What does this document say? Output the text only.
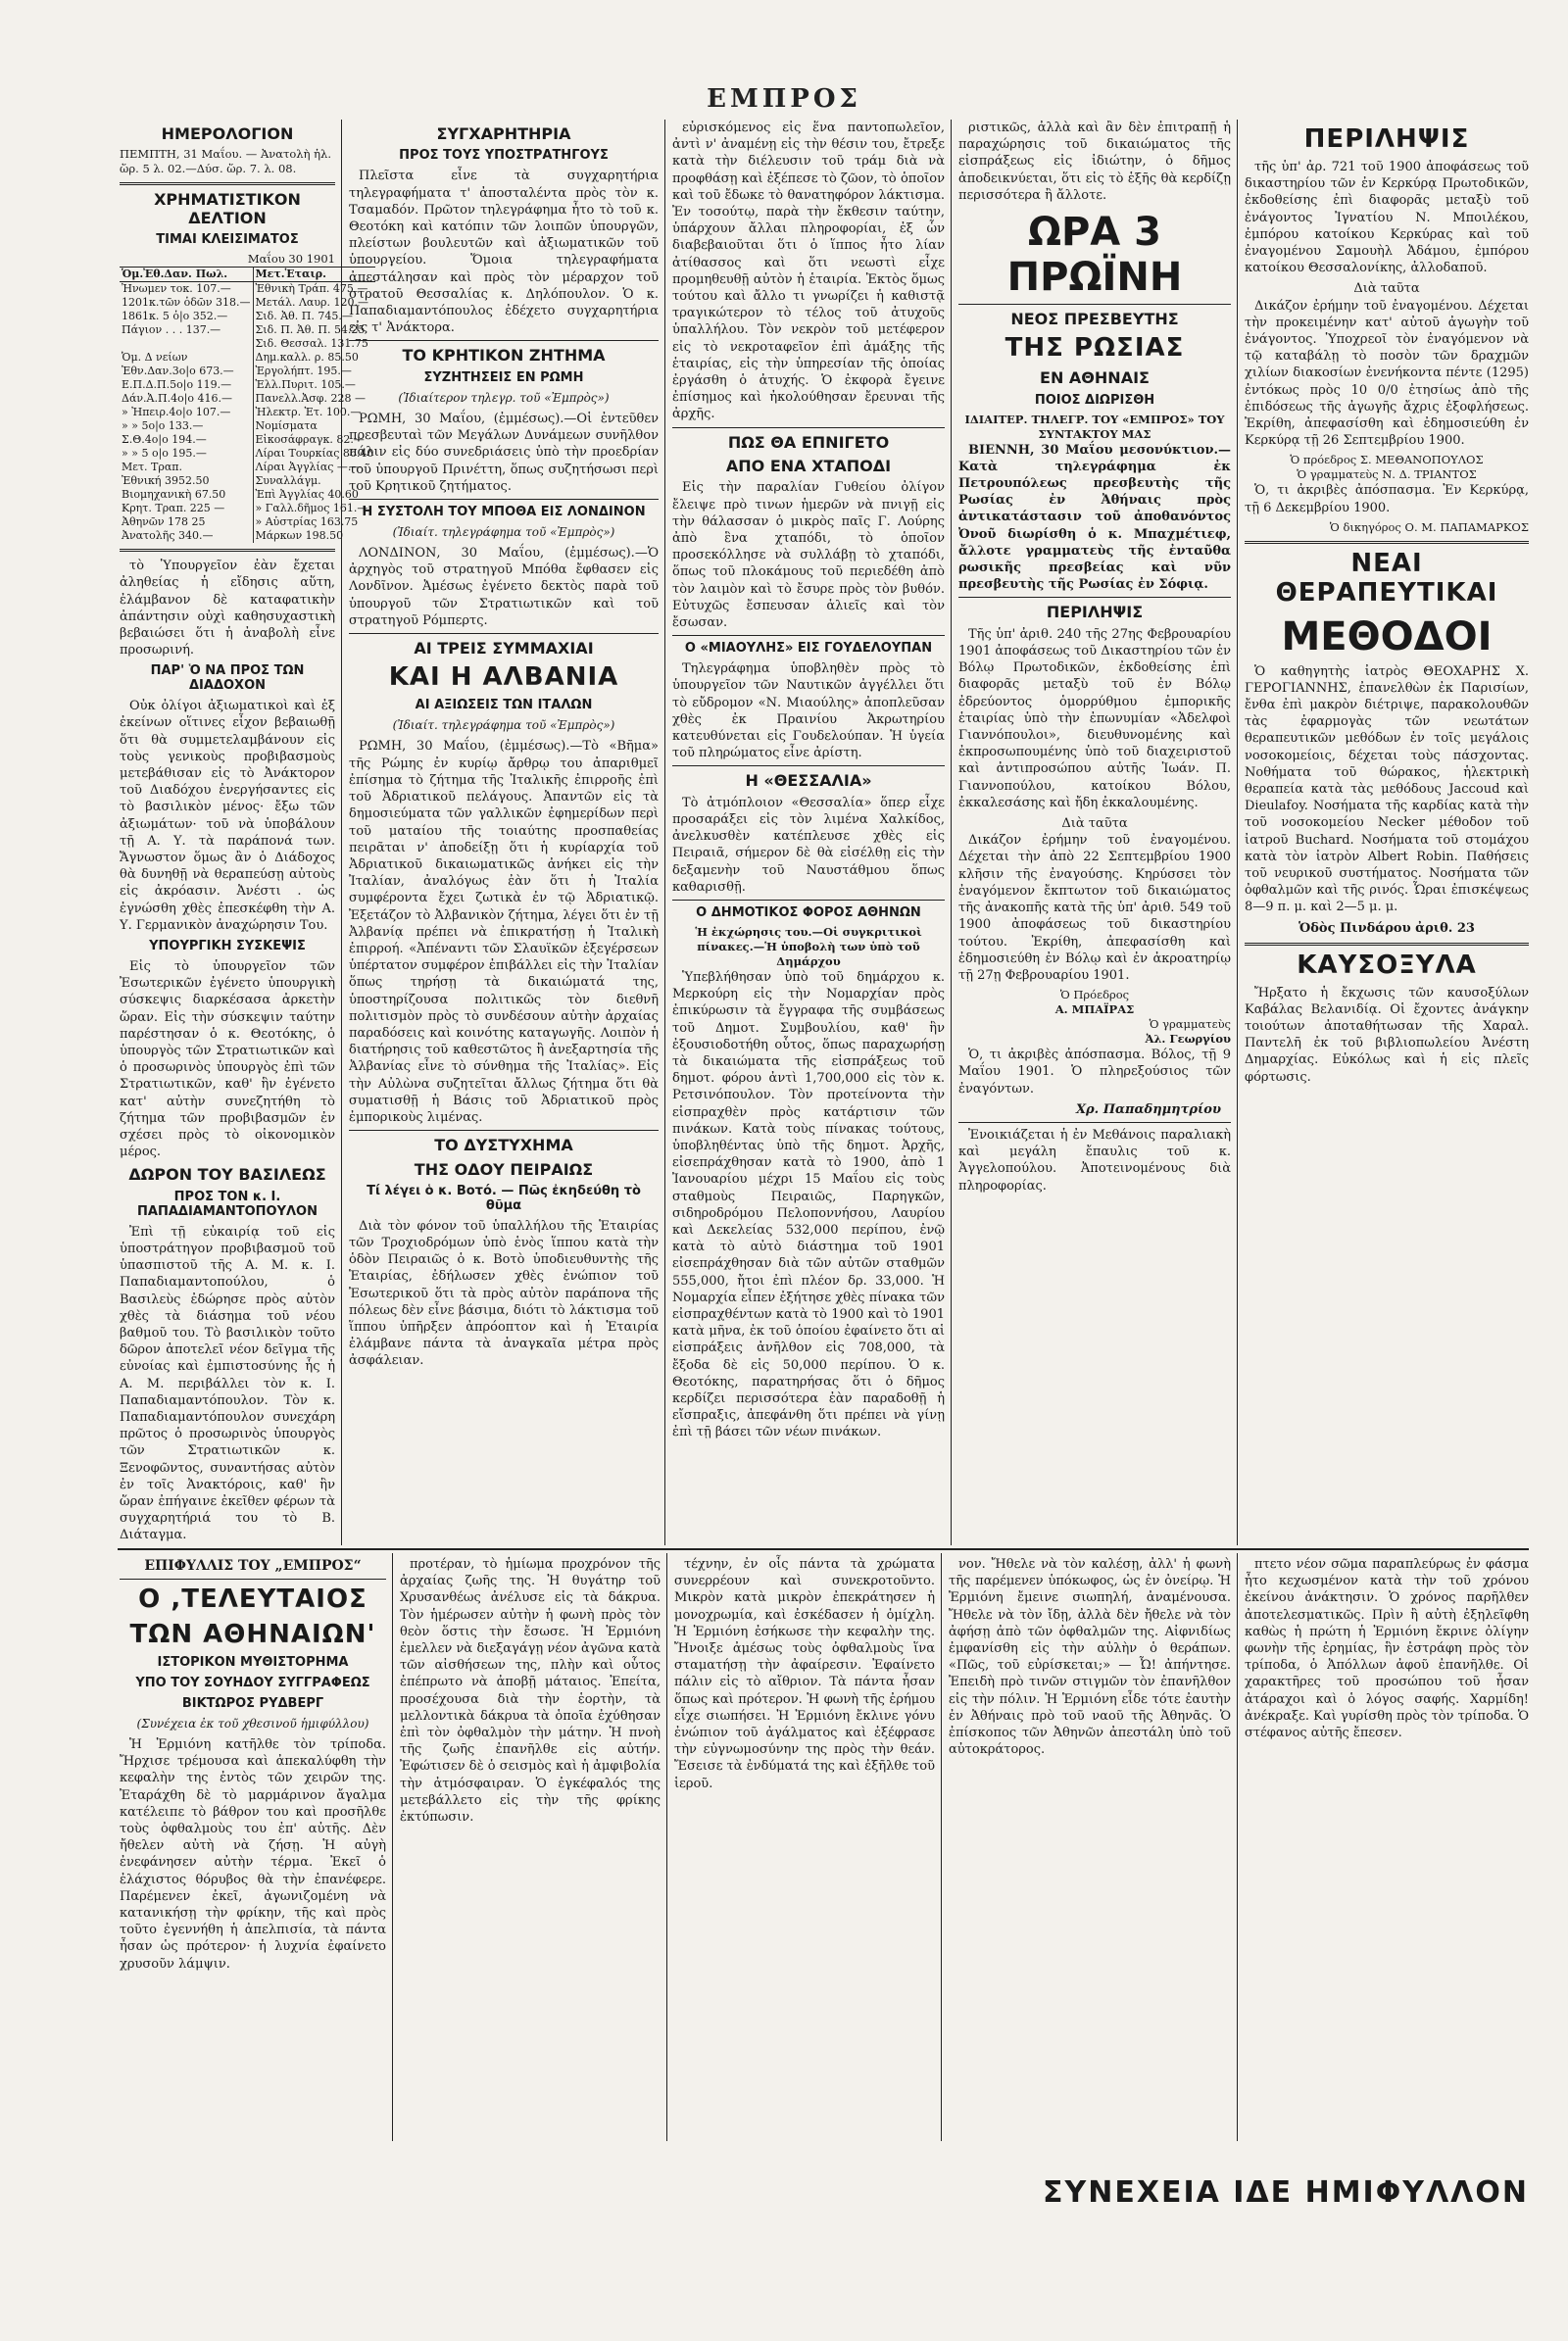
ΕΜΠΡΟΣ
ΗΜΕΡΟΛΟΓΙΟΝ
ΠΕΜΠΤΗ, 31 Μαΐου. — Ἀνατολὴ ἡλ.
ὥρ. 5 λ. 02.—Δύσ. ὥρ. 7. λ. 08.
ΧΡΗΜΑΤΙΣΤΙΚΟΝ ΔΕΛΤΙΟΝ
ΤΙΜΑΙ ΚΛΕΙΣΙΜΑΤΟΣ
Μαΐου 30 1901
Ὁμ.Ἐθ.Δαν. Πωλ.	Μετ.Ἑταιρ.
Ἠνωμεν τοκ. 107.—	Ἐθνικὴ Τράπ. 475 —
1201κ.τῶν ὁδῶν 318.—	Μετάλ. Λαυρ. 120.—
1861κ. 5 ὁ|ο 352.—	Σιδ. Ἀθ. Π. 745.—
Πάγιον . . . 137.—	Σιδ. Π. Ἀθ. Π. 54.25
	Σιδ. Θεσσαλ. 131.75
Ὁμ. Δ νείων	Δημ.καλλ. ρ. 85.50
Ἐθν.Δαν.3ο|ο 673.—	Ἐργολήπτ. 195.—
Ε.Π.Δ.Π.5ο|ο 119.—	Ἑλλ.Πυριτ. 105.—
Δάν.Ἀ.Π.4ο|ο 416.—	Πανελλ.Ἀσφ. 228 —
» Ἠπειρ.4ο|ο 107.—	Ἠλεκτρ. Ἑτ. 100.—
» » 5ο|ο 133.—	Νομίσματα
Σ.Θ.4ο|ο 194.—	Εἰκοσάφραγκ. 82.—
» » 5 ο|ο 195.—	Λίραι Τουρκίας 86.40
Μετ. Τραπ.	Λίραι Ἀγγλίας —.—
Ἐθνική 3952.50	Συναλλάγμ.
Βιομηχανικὴ 67.50	Ἐπὶ Ἀγγλίας 40.60
Κρητ. Τραπ. 225 —	» Γαλλ.δῆμος 161.—
Ἀθηνῶν 178 25	» Αὐστρίας 163.75
Ἀνατολῆς 340.—	Μάρκων 198.50

τὸ Ὑπουργεῖον ἐὰν ἔχεται ἀληθείας ἡ εἴδησις αὕτη, ἐλάμβανον δὲ καταφατικὴν ἀπάντησιν οὐχὶ καθησυχαστικὴ βεβαιώσει ὅτι ἡ ἀναβολὴ εἶνε προσωρινή.

ΠΑΡ' Ὁ ΝΑ ΠΡΟΣ ΤΩΝ ΔΙΑΔΟΧΟΝ

Οὐκ ὀλίγοι ἀξιωματικοὶ καὶ ἐξ ἐκείνων οἵτινες εἶχον βεβαιωθῇ ὅτι θὰ συμμετελαμβάνουν εἰς τοὺς γενικοὺς προβιβασμοὺς μετεβάθισαν εἰς τὸ Ἀνάκτορον τοῦ Διαδόχου ἐνεργήσαντες εἰς τὸ βασιλικὸν μένος· ἔξω τῶν ἀξιωμάτων· τοῦ νὰ ὑποβάλουν τῇ Α. Υ. τὰ παράπονά των. Ἄγνωστον ὅμως ἂν ὁ Διάδοχος θὰ δυνηθῇ νὰ θεραπεύσῃ αὐτοὺς εἰς ἀκρόασιν. Ἀνέστι . ὡς ἐγνώσθη χθὲς ἐπεσκέφθη τὴν Α. Υ. Γερμανικὸν ἀναχώρησιν Του.

ΥΠΟΥΡΓΙΚΗ ΣΥΣΚΕΨΙΣ

Εἰς τὸ ὑπουργεῖον τῶν Ἐσωτερικῶν ἐγένετο ὑπουργικὴ σύσκεψις διαρκέσασα ἀρκετὴν ὥραν. Εἰς τὴν σύσκεψιν ταύτην παρέστησαν ὁ κ. Θεοτόκης, ὁ ὑπουργὸς τῶν Στρατιωτικῶν καὶ ὁ προσωρινὸς ὑπουργὸς ἐπὶ τῶν Στρατιωτικῶν, καθ' ἣν ἐγένετο κατ' αὐτὴν συνεζητήθη τὸ ζήτημα τῶν προβιβασμῶν ἐν σχέσει πρὸς τὸ οἰκονομικὸν μέρος.

ΔΩΡΟΝ ΤΟΥ ΒΑΣΙΛΕΩΣ
ΠΡΟΣ ΤΟΝ κ. Ι. ΠΑΠΑΔΙΑΜΑΝΤΟΠΟΥΛΟΝ

Ἐπὶ τῇ εὐκαιρίᾳ τοῦ εἰς ὑποστράτηγον προβιβασμοῦ τοῦ ὑπασπιστοῦ τῆς Α. Μ. κ. Ι. Παπαδιαμαντοπούλου, ὁ Βασιλεὺς ἐδώρησε πρὸς αὐτὸν χθὲς τὰ διάσημα τοῦ νέου βαθμοῦ του. Τὸ βασιλικὸν τοῦτο δῶρον ἀποτελεῖ νέον δεῖγμα τῆς εὐνοίας καὶ ἐμπιστοσύνης ἧς ἡ Α. Μ. περιβάλλει τὸν κ. Ι. Παπαδιαμαντόπουλον. Τὸν κ. Παπαδιαμαντόπουλον συνεχάρη πρῶτος ὁ προσωρινὸς ὑπουργὸς τῶν Στρατιωτικῶν κ. Ξενοφῶντος, συναντήσας αὐτὸν ἐν τοῖς Ἀνακτόροις, καθ' ἣν ὥραν ἐπήγαινε ἐκεῖθεν φέρων τὰ συγχαρητήριά του τὸ Β. Διάταγμα.

ΣΥΓΧΑΡΗΤΗΡΙΑ
ΠΡΟΣ ΤΟΥΣ ΥΠΟΣΤΡΑΤΗΓΟΥΣ

Πλεῖστα εἶνε τὰ συγχαρητήρια τηλεγραφήματα τ' ἀποσταλέντα πρὸς τὸν κ. Τσαμαδόν. Πρῶτον τηλεγράφημα ἦτο τὸ τοῦ κ. Θεοτόκη καὶ κατόπιν τῶν λοιπῶν ὑπουργῶν, πλείστων βουλευτῶν καὶ ἀξιωματικῶν τοῦ ὑπουργείου. Ὅμοια τηλεγραφήματα ἀπεστάλησαν καὶ πρὸς τὸν μέραρχον τοῦ στρατοῦ Θεσσαλίας κ. Δηλόπουλον. Ὁ κ. Παπαδιαμαντόπουλος ἐδέχετο συγχαρητήρια εἰς τ' Ἀνάκτορα.

ΤΟ ΚΡΗΤΙΚΟΝ ΖΗΤΗΜΑ
ΣΥΖΗΤΗΣΕΙΣ ΕΝ ΡΩΜΗ
(Ἰδιαίτερον τηλεγρ. τοῦ «Ἐμπρὸς»)

ΡΩΜΗ, 30 Μαΐου, (ἐμμέσως).—Οἱ ἐντεῦθεν πρεσβευταὶ τῶν Μεγάλων Δυνάμεων συνῆλθον πάλιν εἰς δύο συνεδριάσεις ὑπὸ τὴν προεδρίαν τοῦ ὑπουργοῦ Πρινέττη, ὅπως συζητήσωσι περὶ τοῦ Κρητικοῦ ζητήματος.

Η ΣΥΣΤΟΛΗ ΤΟΥ ΜΠΟΘΑ ΕΙΣ ΛΟΝΔΙΝΟΝ
(Ἰδιαίτ. τηλεγράφημα τοῦ «Ἐμπρὸς»)

ΛΟΝΔΙΝΟΝ, 30 Μαΐου, (ἐμμέσως).—Ὁ ἀρχηγὸς τοῦ στρατηγοῦ Μπόθα ἔφθασεν εἰς Λονδῖνον. Ἀμέσως ἐγένετο δεκτὸς παρὰ τοῦ ὑπουργοῦ τῶν Στρατιωτικῶν καὶ τοῦ στρατηγοῦ Ρόμπερτς.

ΑΙ ΤΡΕΙΣ ΣΥΜΜΑΧΙΑΙ
ΚΑΙ Η ΑΛΒΑΝΙΑ
ΑΙ ΑΞΙΩΣΕΙΣ ΤΩΝ ΙΤΑΛΩΝ
(Ἰδιαίτ. τηλεγράφημα τοῦ «Ἐμπρὸς»)

ΡΩΜΗ, 30 Μαΐου, (ἐμμέσως).—Τὸ «Βῆμα» τῆς Ρώμης ἐν κυρίῳ ἄρθρῳ του ἀπαριθμεῖ ἐπίσημα τὸ ζήτημα τῆς Ἰταλικῆς ἐπιρροῆς ἐπὶ τοῦ Ἀδριατικοῦ πελάγους. Ἀπαντῶν εἰς τὰ δημοσιεύματα τῶν γαλλικῶν ἐφημερίδων περὶ τοῦ ματαίου τῆς τοιαύτης προσπαθείας πειρᾶται ν' ἀποδείξῃ ὅτι ἡ κυρίαρχία τοῦ Ἀδριατικοῦ δικαιωματικῶς ἀνήκει εἰς τὴν Ἰταλίαν, ἀναλόγως ἐὰν ὅτι ἡ Ἰταλία συμφέροντα ἔχει ζωτικὰ ἐν τῷ Ἀδριατικῷ. Ἐξετάζον τὸ Ἀλβανικὸν ζήτημα, λέγει ὅτι ἐν τῇ Ἀλβανίᾳ πρέπει νὰ ἐπικρατήσῃ ἡ Ἰταλικὴ ἐπιρροή. «Ἀπέναντι τῶν Σλαυϊκῶν ἐξεγέρσεων ὑπέρτατον συμφέρον ἐπιβάλλει εἰς τὴν Ἰταλίαν ὅπως τηρήσῃ τὰ δικαιώματά της, ὑποστηρίζουσα πολιτικῶς τὸν διεθνῆ πολιτισμὸν πρὸς τὸ συνδέσουν αὐτὴν ἀρχαίας παραδόσεις καὶ κοινότης καταγωγῆς. Λοιπὸν ἡ διατήρησις τοῦ καθεστῶτος ἢ ἀνεξαρτησία τῆς Ἀλβανίας εἶνε τὸ σύνθημα τῆς Ἰταλίας». Εἰς τὴν Αὐλὼνα συζητεῖται ἄλλως ζήτημα ὅτι θὰ συματισθῇ ἡ Βάσις τοῦ Ἀδριατικοῦ πρὸς ἐμπορικοὺς λιμένας.

ΤΟ ΔΥΣΤΥΧΗΜΑ
ΤΗΣ ΟΔΟΥ ΠΕΙΡΑΙΩΣ
Τί λέγει ὁ κ. Βοτό. — Πῶς ἐκηδεύθη τὸ θῦμα

Διὰ τὸν φόνον τοῦ ὑπαλλήλου τῆς Ἑταιρίας τῶν Τροχιοδρόμων ὑπὸ ἑνὸς ἵππου κατὰ τὴν ὁδὸν Πειραιῶς ὁ κ. Βοτὸ ὑποδιευθυντὴς τῆς Ἑταιρίας, ἐδήλωσεν χθὲς ἐνώπιον τοῦ Ἐσωτερικοῦ ὅτι τὰ πρὸς αὐτὸν παράπονα τῆς πόλεως δὲν εἶνε βάσιμα, διότι τὸ λάκτισμα τοῦ ἵππου ὑπῆρξεν ἀπρόοπτον καὶ ἡ Ἑταιρία ἐλάμβανε πάντα τὰ ἀναγκαῖα μέτρα πρὸς ἀσφάλειαν.

εὐρισκόμενος εἰς ἕνα παντοπωλεῖον, ἀντὶ ν' ἀναμένῃ εἰς τὴν θέσιν του, ἔτρεξε κατὰ τὴν διέλευσιν τοῦ τράμ διὰ νὰ προφθάσῃ καὶ ἐξέπεσε τὸ ζῶον, τὸ ὁποῖον καὶ τοῦ ἔδωκε τὸ θανατηφόρον λάκτισμα. Ἐν τοσούτῳ, παρὰ τὴν ἔκθεσιν ταύτην, ὑπάρχουν ἄλλαι πληροφορίαι, ἐξ ὧν διαβεβαιοῦται ὅτι ὁ ἵππος ἦτο λίαν ἀτίθασσος καὶ ὅτι νεωστὶ εἶχε προμηθευθῇ αὐτὸν ἡ ἑταιρία. Ἐκτὸς ὅμως τούτου καὶ ἄλλο τι γνωρίζει ἡ καθιστᾷ τραγικώτερον τὸ τέλος τοῦ ἀτυχοῦς ὑπαλλήλου. Τὸν νεκρὸν τοῦ μετέφερον εἰς τὸ νεκροταφεῖον ἐπὶ ἁμάξης τῆς ἑταιρίας, εἰς τὴν ὑπηρεσίαν τῆς ὁποίας ἐργάσθη ὁ ἀτυχής. Ὁ ἐκφορὰ ἔγεινε ἐπίσημος καὶ ἠκολούθησαν ἔρευναι τῆς ἀρχῆς.

ΠΩΣ ΘΑ ΕΠΝΙΓΕΤΟ
ΑΠΟ ΕΝΑ ΧΤΑΠΟΔΙ

Εἰς τὴν παραλίαν Γυθείου ὀλίγον ἔλειψε πρὸ τινων ἡμερῶν νὰ πνιγῇ εἰς τὴν θάλασσαν ὁ μικρὸς παῖς Γ. Λούρης ἀπὸ ἓνα χταπόδι, τὸ ὁποῖον προσεκόλλησε νὰ συλλάβῃ τὸ χταπόδι, ὅπως τοῦ πλοκάμους τοῦ περιεδέθη ἀπὸ τὸν λαιμὸν καὶ τὸ ἔσυρε πρὸς τὸν βυθόν. Εὐτυχῶς ἔσπευσαν ἁλιεῖς καὶ τὸν ἔσωσαν.

Ο «ΜΙΑΟΥΛΗΣ» ΕΙΣ ΓΟΥΔΕΛΟΥΠΑΝ

Τηλεγράφημα ὑποβληθὲν πρὸς τὸ ὑπουργεῖον τῶν Ναυτικῶν ἀγγέλλει ὅτι τὸ εὔδρομον «Ν. Μιαούλης» ἀποπλεῦσαν χθὲς ἐκ Πραινίου Ἀκρωτηρίου κατευθύνεται εἰς Γουδελούπαν. Ἡ ὑγεία τοῦ πληρώματος εἶνε ἀρίστη.

Η «ΘΕΣΣΑΛΙΑ»

Τὸ ἀτμόπλοιον «Θεσσαλία» ὅπερ εἶχε προσαράξει εἰς τὸν λιμένα Χαλκίδος, ἀνελκυσθὲν κατέπλευσε χθὲς εἰς Πειραιᾶ, σήμερον δὲ θὰ εἰσέλθῃ εἰς τὴν δεξαμενὴν τοῦ Ναυστάθμου ὅπως καθαρισθῇ.

Ο ΔΗΜΟΤΙΚΟΣ ΦΟΡΟΣ ΑΘΗΝΩΝ
Ἡ ἐκχώρησις του.—Οἱ συγκριτικοὶ πίνακες.—Ἡ ὑποβολὴ των ὑπὸ τοῦ Δημάρχου

Ὑπεβλήθησαν ὑπὸ τοῦ δημάρχου κ. Μερκούρη εἰς τὴν Νομαρχίαν πρὸς ἐπικύρωσιν τὰ ἔγγραφα τῆς συμβάσεως τοῦ Δημοτ. Συμβουλίου, καθ' ἣν ἐξουσιοδοτήθη οὗτος, ὅπως παραχωρήσῃ τὰ δικαιώματα τῆς εἰσπράξεως τοῦ δημοτ. φόρου ἀντὶ 1,700,000 εἰς τὸν κ. Ρετσινόπουλον. Τὸν προτείνοντα τὴν εἰσπραχθὲν πρὸς κατάρτισιν τῶν πινάκων. Κατὰ τοὺς πίνακας τούτους, ὑποβληθέντας ὑπὸ τῆς δημοτ. Ἀρχῆς, εἰσεπράχθησαν κατὰ τὸ 1900, ἀπὸ 1 Ἰανουαρίου μέχρι 15 Μαΐου εἰς τοὺς σταθμοὺς Πειραιῶς, Παρηγκῶν, σιδηροδρόμου Πελοποννήσου, Λαυρίου καὶ Δεκελείας 532,000 περίπου, ἐνῷ κατὰ τὸ αὐτὸ διάστημα τοῦ 1901 εἰσεπράχθησαν διὰ τῶν αὐτῶν σταθμῶν 555,000, ἤτοι ἐπὶ πλέον δρ. 33,000. Ἡ Νομαρχία εἶπεν ἐξήτησε χθὲς πίνακα τῶν εἰσπραχθέντων κατὰ τὸ 1900 καὶ τὸ 1901 κατὰ μῆνα, ἐκ τοῦ ὁποίου ἐφαίνετο ὅτι αἱ εἰσπράξεις ἀνῆλθον εἰς 708,000, τὰ ἔξοδα δὲ εἰς 50,000 περίπου. Ὁ κ. Θεοτόκης, παρατηρήσας ὅτι ὁ δῆμος κερδίζει περισσότερα ἐὰν παραδοθῇ ἡ εἴσπραξις, ἀπεφάνθη ὅτι πρέπει νὰ γίνῃ ἐπὶ τῇ βάσει τῶν νέων πινάκων.

ριστικῶς, ἀλλὰ καὶ ἂν δὲν ἐπιτραπῇ ἡ παραχώρησις τοῦ δικαιώματος τῆς εἰσπράξεως εἰς ἰδιώτην, ὁ δῆμος ἀποδεικνύεται, ὅτι εἰς τὸ ἑξῆς θὰ κερδίζῃ περισσότερα ἢ ἄλλοτε.

ΩΡΑ 3 ΠΡΩΪΝΗ
ΝΕΟΣ ΠΡΕΣΒΕΥΤΗΣ
ΤΗΣ ΡΩΣΙΑΣ
ΕΝ ΑΘΗΝΑΙΣ
ΠΟΙΟΣ ΔΙΩΡΙΣΘΗ
ΙΔΙΑΙΤΕΡ. ΤΗΛΕΓΡ. ΤΟΥ «ΕΜΠΡΟΣ» ΤΟΥ ΣΥΝΤΑΚΤΟΥ ΜΑΣ

ΒΙΕΝΝΗ, 30 Μαΐου μεσονύκτιον.—Κατὰ τηλεγράφημα ἐκ Πετρουπόλεως πρεσβευτὴς τῆς Ρωσίας ἐν Ἀθήναις πρὸς ἀντικατάστασιν τοῦ ἀποθανόντος Ὀνοῦ διωρίσθη ὁ κ. Μπαχμέτιεφ, ἄλλοτε γραμματεὺς τῆς ἐνταῦθα ρωσικῆς πρεσβείας καὶ νῦν πρεσβευτὴς τῆς Ρωσίας ἐν Σόφιᾳ.

ΠΕΡΙΛΗΨΙΣ

Τῆς ὑπ' ἀριθ. 240 τῆς 27ης Φεβρουαρίου 1901 ἀποφάσεως τοῦ Δικαστηρίου τῶν ἐν Βόλῳ Πρωτοδικῶν, ἐκδοθείσης ἐπὶ διαφορᾶς μεταξὺ τοῦ ἐν Βόλῳ ἐδρεύοντος ὁμορρύθμου ἐμπορικῆς ἑταιρίας ὑπὸ τὴν ἐπωνυμίαν «Ἀδελφοὶ Γιαννόπουλοι», διευθυνομένης καὶ ἐκπροσωπουμένης ὑπὸ τοῦ διαχειριστοῦ καὶ ἀντιπροσώπου αὐτῆς Ἰωάν. Π. Γιαννοπούλου, κατοίκου Βόλου, ἐκκαλεσάσης καὶ ἤδη ἐκκαλουμένης.

Διὰ ταῦτα

Δικάζον ἐρήμην τοῦ ἐναγομένου. Δέχεται τὴν ἀπὸ 22 Σεπτεμβρίου 1900 κλῆσιν τῆς ἐναγούσης. Κηρύσσει τὸν ἐναγόμενον ἔκπτωτον τοῦ δικαιώματος τῆς ἀνακοπῆς κατὰ τῆς ὑπ' ἀριθ. 549 τοῦ 1900 ἀποφάσεως τοῦ δικαστηρίου τούτου. Ἐκρίθη, ἀπεφασίσθη καὶ ἐδημοσιεύθη ἐν Βόλῳ καὶ ἐν ἀκροατηρίῳ τῇ 27ῃ Φεβρουαρίου 1901.

Ὁ Πρόεδρος
Α. ΜΠΑΪΡΑΣ
Ὁ γραμματεὺς
Ἀλ. Γεωργίου

Ὁ, τι ἀκριβὲς ἀπόσπασμα. Βόλος, τῇ 9 Μαΐου 1901. Ὁ πληρεξούσιος τῶν ἐναγόντων.

Χρ. Παπαδημητρίου

Ἐνοικιάζεται ἡ ἐν Μεθάνοις παραλιακὴ καὶ μεγάλη ἔπαυλις τοῦ κ. Ἀγγελοπούλου. Ἀποτεινομένους διὰ πληροφορίας.

ΠΕΡΙΛΗΨΙΣ

τῆς ὑπ' ἀρ. 721 τοῦ 1900 ἀποφάσεως τοῦ δικαστηρίου τῶν ἐν Κερκύρᾳ Πρωτοδικῶν, ἐκδοθείσης ἐπὶ διαφορᾶς μεταξὺ τοῦ ἐνάγοντος Ἰγνατίου Ν. Μποιλέκου, ἐμπόρου κατοίκου Κερκύρας καὶ τοῦ ἐναγομένου Σαμουὴλ Ἀδάμου, ἐμπόρου κατοίκου Θεσσαλονίκης, ἀλλοδαποῦ.

Διὰ ταῦτα

Δικάζον ἐρήμην τοῦ ἐναγομένου. Δέχεται τὴν προκειμένην κατ' αὐτοῦ ἀγωγὴν τοῦ ἐνάγοντος. Ὑποχρεοῖ τὸν ἐναγόμενον νὰ τῷ καταβάλῃ τὸ ποσὸν τῶν δραχμῶν χιλίων διακοσίων ἐνενήκοντα πέντε (1295) ἐντόκως πρὸς 10 0/0 ἐτησίως ἀπὸ τῆς ἐπιδόσεως τῆς ἀγωγῆς ἄχρις ἐξοφλήσεως. Ἐκρίθη, ἀπεφασίσθη καὶ ἐδημοσιεύθη ἐν Κερκύρᾳ τῇ 26 Σεπτεμβρίου 1900.

Ὁ πρόεδρος Σ. ΜΕΘΑΝΟΠΟΥΛΟΣ
Ὁ γραμματεὺς Ν. Δ. ΤΡΙΑΝΤΟΣ

Ὁ, τι ἀκριβὲς ἀπόσπασμα. Ἐν Κερκύρᾳ, τῇ 6 Δεκεμβρίου 1900.

Ὁ δικηγόρος Ο. Μ. ΠΑΠΑΜΑΡΚΟΣ
ΝΕΑΙ ΘΕΡΑΠΕΥΤΙΚΑΙ
ΜΕΘΟΔΟΙ

Ὁ καθηγητὴς ἰατρὸς ΘΕΟΧΑΡΗΣ Χ. ΓΕΡΟΓΙΑΝΝΗΣ, ἐπανελθὼν ἐκ Παρισίων, ἔνθα ἐπὶ μακρὸν διέτριψε, παρακολουθῶν τὰς ἐφαρμογὰς τῶν νεωτάτων θεραπευτικῶν μεθόδων ἐν τοῖς μεγάλοις νοσοκομείοις, δέχεται τοὺς πάσχοντας. Νοθήματα τοῦ θώρακος, ἡλεκτρικὴ θεραπεία κατὰ τὰς μεθόδους Jaccoud καὶ Dieulafoy. Νοσήματα τῆς καρδίας κατὰ τὴν τοῦ νοσοκομείου Necker μέθοδον τοῦ ἰατροῦ Buchard. Νοσήματα τοῦ στομάχου κατὰ τὸν ἰατρὸν Albert Robin. Παθήσεις τοῦ νευρικοῦ συστήματος. Νοσήματα τῶν ὀφθαλμῶν καὶ τῆς ρινός. Ὧραι ἐπισκέψεως 8—9 π. μ. καὶ 2—5 μ. μ.

Ὁδὸς Πινδάρου ἀριθ. 23
ΚΑΥΣΟΞΥΛΑ

Ἤρξατο ἡ ἔκχωσις τῶν καυσοξύλων Καβάλας Βελανιδίᾳ. Οἱ ἔχοντες ἀνάγκην τοιούτων ἀποταθήτωσαν τῆς Χαραλ. Παντελῆ ἐκ τοῦ βιβλιοπωλείου Ἀνέστη Δημαρχίας. Εὐκόλως καὶ ἡ εἰς πλεῖς φόρτωσις.

ΕΠΙΦΥΛΛΙΣ ΤΟΥ „ΕΜΠΡΟΣ“
Ο ,ΤΕΛΕΥΤΑΙΟΣ
ΤΩΝ ΑΘΗΝΑΙΩΝ'
ΙΣΤΟΡΙΚΟΝ ΜΥΘΙΣΤΟΡΗΜΑ
ΥΠΟ ΤΟΥ ΣΟΥΗΔΟΥ ΣΥΓΓΡΑΦΕΩΣ
ΒΙΚΤΩΡΟΣ ΡΥΔΒΕΡΓ
(Συνέχεια ἐκ τοῦ χθεσινοῦ ἡμιφύλλου)

Ἡ Ἑρμιόνη κατῆλθε τὸν τρίποδα. Ἤρχισε τρέμουσα καὶ ἀπεκαλύφθη τὴν κεφαλὴν της ἐντὸς τῶν χειρῶν της. Ἐταράχθη δὲ τὸ μαρμάρινον ἄγαλμα κατέλειπε τὸ βάθρον του καὶ προσῆλθε τοὺς ὀφθαλμοὺς του ἐπ' αὐτῆς. Δὲν ἤθελεν αὐτὴ νὰ ζήσῃ. Ἡ αὐγὴ ἐνεφάνησεν αὐτὴν τέρμα. Ἐκεῖ ὁ ἐλάχιστος θόρυβος θὰ τὴν ἐπανέφερε. Παρέμενεν ἐκεῖ, ἀγωνιζομένη νὰ κατανικήσῃ τὴν φρίκην, τῆς καὶ πρὸς τοῦτο ἐγεννήθη ἡ ἀπελπισία, τὰ πάντα ἦσαν ὡς πρότερον· ἡ λυχνία ἐφαίνετο χρυσοῦν λάμψιν.

προτέραν, τὸ ἡμίωμα προχρόνον τῆς ἀρχαίας ζωῆς της. Ἡ θυγάτηρ τοῦ Χρυσανθέως ἀνέλυσε εἰς τὰ δάκρυα. Τὸν ἡμέρωσεν αὐτὴν ἡ φωνὴ πρὸς τὸν θεὸν ὅστις τὴν ἔσωσε. Ἡ Ἑρμιόνη ἐμελλεν νὰ διεξαγάγῃ νέον ἀγῶνα κατὰ τῶν αἰσθήσεων της, πλὴν καὶ οὗτος ἐπέπρωτο νὰ ἀποβῇ μάταιος. Ἐπείτα, προσέχουσα διὰ τὴν ἑορτὴν, τὰ μελλοντικὰ δάκρυα τὰ ὁποῖα ἐχύθησαν ἐπὶ τὸν ὀφθαλμὸν τὴν μάτην. Ἡ πνοὴ τῆς ζωῆς ἐπανῆλθε εἰς αὐτήν. Ἐφώτισεν δὲ ὁ σεισμὸς καὶ ἡ ἀμφιβολία τὴν ἀτμόσφαιραν. Ὁ ἐγκέφαλός της μετεβάλλετο εἰς τὴν τῆς φρίκης ἐκτύπωσιν.

τέχνην, ἐν οἷς πάντα τὰ χρώματα συνερρέουν καὶ συνεκροτοῦντο. Μικρὸν κατὰ μικρὸν ἐπεκράτησεν ἡ μονοχρωμία, καὶ ἐσκέδασεν ἡ ὁμίχλη. Ἡ Ἑρμιόνη ἐσήκωσε τὴν κεφαλὴν της. Ἤνοιξε ἀμέσως τοὺς ὀφθαλμοὺς ἵνα σταματήσῃ τὴν ἀφαίρεσιν. Ἐφαίνετο πάλιν εἰς τὸ αἴθριον. Τὰ πάντα ἦσαν ὅπως καὶ πρότερον. Ἡ φωνὴ τῆς ἐρήμου εἶχε σιωπήσει. Ἡ Ἑρμιόνη ἔκλινε γόνυ ἐνώπιον τοῦ ἀγάλματος καὶ ἐξέφρασε τὴν εὐγνωμοσύνην της πρὸς τὴν θεάν. Ἔσεισε τὰ ἐνδύματά της καὶ ἐξῆλθε τοῦ ἱεροῦ.

νον. Ἤθελε νὰ τὸν καλέσῃ, ἀλλ' ἡ φωνὴ τῆς παρέμενεν ὑπόκωφος, ὡς ἐν ὀνείρῳ. Ἡ Ἑρμιόνη ἔμεινε σιωπηλή, ἀναμένουσα. Ἤθελε νὰ τὸν ἴδῃ, ἀλλὰ δὲν ἤθελε νὰ τὸν ἀφήσῃ ἀπὸ τῶν ὀφθαλμῶν της. Αἰφνιδίως ἐμφανίσθη εἰς τὴν αὐλὴν ὁ θεράπων. «Πῶς, τοῦ εὐρίσκεται;» — Ὦ! ἀπήντησε. Ἐπειδὴ πρὸ τινῶν στιγμῶν τὸν ἐπανῆλθον εἰς τὴν πόλιν. Ἡ Ἑρμιόνη εἶδε τότε ἐαυτὴν ἐν Ἀθήναις πρὸ τοῦ ναοῦ τῆς Ἀθηνᾶς. Ὁ ἐπίσκοπος τῶν Ἀθηνῶν ἀπεστάλη ὑπὸ τοῦ αὐτοκράτορος.

πτετο νέον σῶμα παραπλεύρως ἐν φάσμα ἦτο κεχωσμένον κατὰ τὴν τοῦ χρόνου ἐκείνου ἀνάκτησιν. Ὁ χρόνος παρῆλθεν ἀποτελεσματικῶς. Πρὶν ἢ αὐτὴ ἐξηλεῖφθη καθὼς ἡ πρώτη ἡ Ἑρμιόνη ἔκρινε ὀλίγην φωνὴν τῆς ἐρημίας, ἣν ἐστράφη πρὸς τὸν τρίποδα, ὁ Ἀπόλλων ἀφοῦ ἐπανῆλθε. Οἱ χαρακτῆρες τοῦ προσώπου τοῦ ἦσαν ἀτάραχοι καὶ ὁ λόγος σαφής. Χαρμίδη! ἀνέκραξε. Καὶ γυρίσθη πρὸς τὸν τρίποδα. Ὁ στέφανος αὐτῆς ἔπεσεν.

ΣΥΝΕΧΕΙΑ ΙΔΕ ΗΜΙΦΥΛΛΟΝ
